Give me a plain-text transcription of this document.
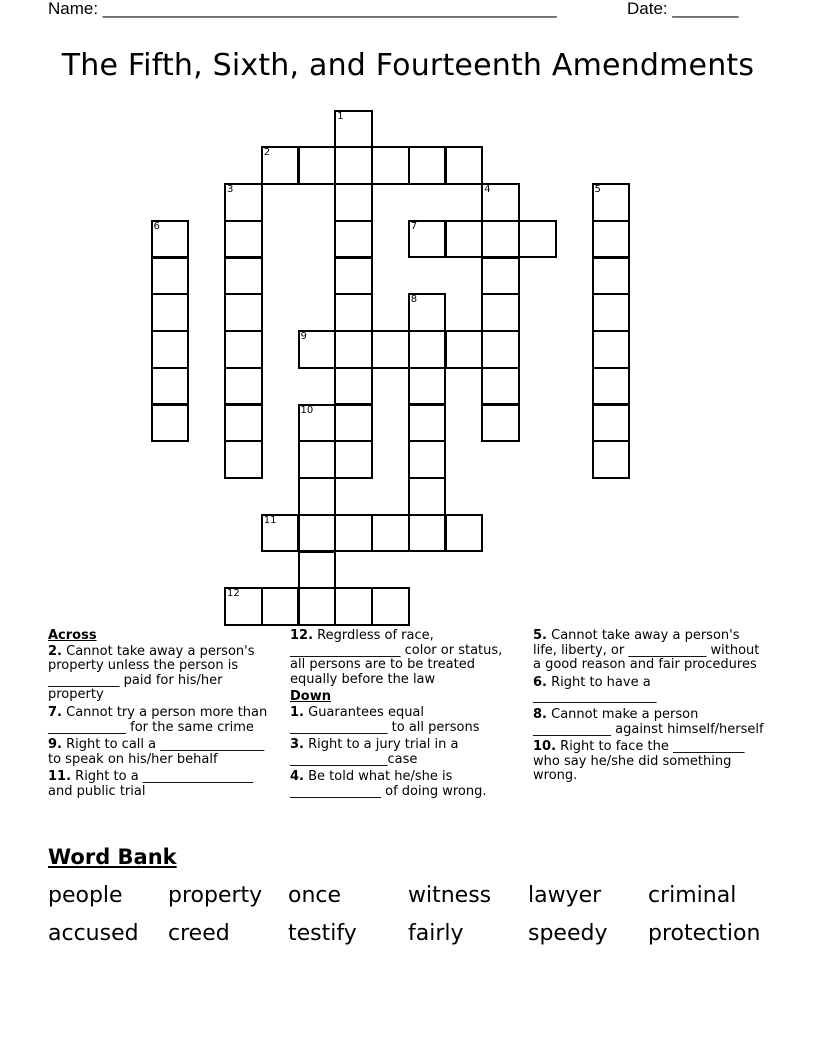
Name: ________________________________________________	Date: _______
The Fifth, Sixth, and Fourteenth Amendments
1
2
3	4	5
6	7
8
9
10
11
12
Across
2. Cannot take away a person's property unless the person is ___________ paid for his/her property
7. Cannot try a person more than ____________ for the same crime
9. Right to call a ________________ to speak on his/her behalf
11. Right to a _________________ and public trial
12. Regrdless of race, _________________ color or status, all persons are to be treated equally before the law
Down
1. Guarantees equal _______________ to all persons
3. Right to a jury trial in a _______________case
4. Be told what he/she is ______________ of doing wrong.
5. Cannot take away a person's life, liberty, or ____________ without a good reason and fair procedures
6. Right to have a ___________________
8. Cannot make a person ____________ against himself/herself
10. Right to face the ___________ who say he/she did something wrong.
Word Bank
people property once	witness lawyer criminal
accused creed	testify fairly	speedy protection
